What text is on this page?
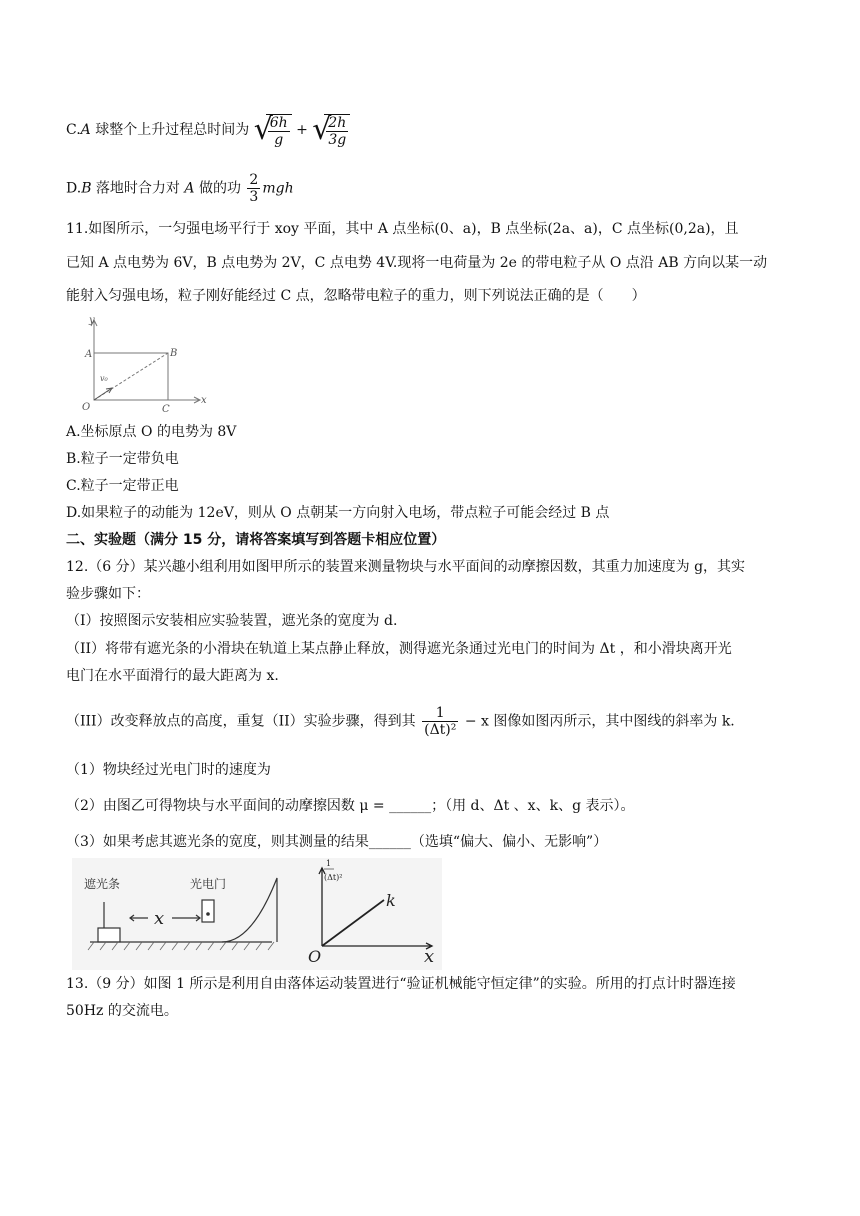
C.A 球整个上升过程总时间为 √
$\frac{6h}{g}$ + √
$\frac{2h}{3g}$
D.B 落地时合力对 A 做的功 $\frac{2}{3}$ mgh
11.如图所示，一匀强电场平行于 xoy 平面，其中 A 点坐标(0、a)，B 点坐标(2a、a)，C 点坐标(0,2a)，且
已知 A 点电势为 6V，B 点电势为 2V，C 点电势 4V.现将一电荷量为 2e 的带电粒子从 O 点沿 AB 方向以某一动
能射入匀强电场，粒子刚好能经过 C 点，忽略带电粒子的重力，则下列说法正确的是（　　）
y
x
A	B
O	C
v₀
A.坐标原点 O 的电势为 8V
B.粒子一定带负电
C.粒子一定带正电
D.如果粒子的动能为 12eV，则从 O 点朝某一方向射入电场，带点粒子可能会经过 B 点
二、实验题（满分 15 分，请将答案填写到答题卡相应位置）
12.（6 分）某兴趣小组利用如图甲所示的装置来测量物块与水平面间的动摩擦因数，其重力加速度为 g，其实
验步骤如下：
（I）按照图示安装相应实验装置，遮光条的宽度为 d.
（II）将带有遮光条的小滑块在轨道上某点静止释放，测得遮光条通过光电门的时间为 Δt ，和小滑块离开光
电门在水平面滑行的最大距离为 x.
（III）改变释放点的高度，重复（II）实验步骤，得到其 $\frac{1}{\text{(Δt)²}} - x$ 图像如图丙所示，其中图线的斜率为 k.
（1）物块经过光电门时的速度为
（2）由图乙可得物块与水平面间的动摩擦因数 μ = ______；（用 d、Δt 、x、k、g 表示）。
（3）如果考虑其遮光条的宽度，则其测量的结果______（选填“偏大、偏小、无影响”）
遮光条	光电门
x
1
(Δt)²
k
O	x
13.（9 分）如图 1 所示是利用自由落体运动装置进行“验证机械能守恒定律”的实验。所用的打点计时器连接
50Hz 的交流电。
